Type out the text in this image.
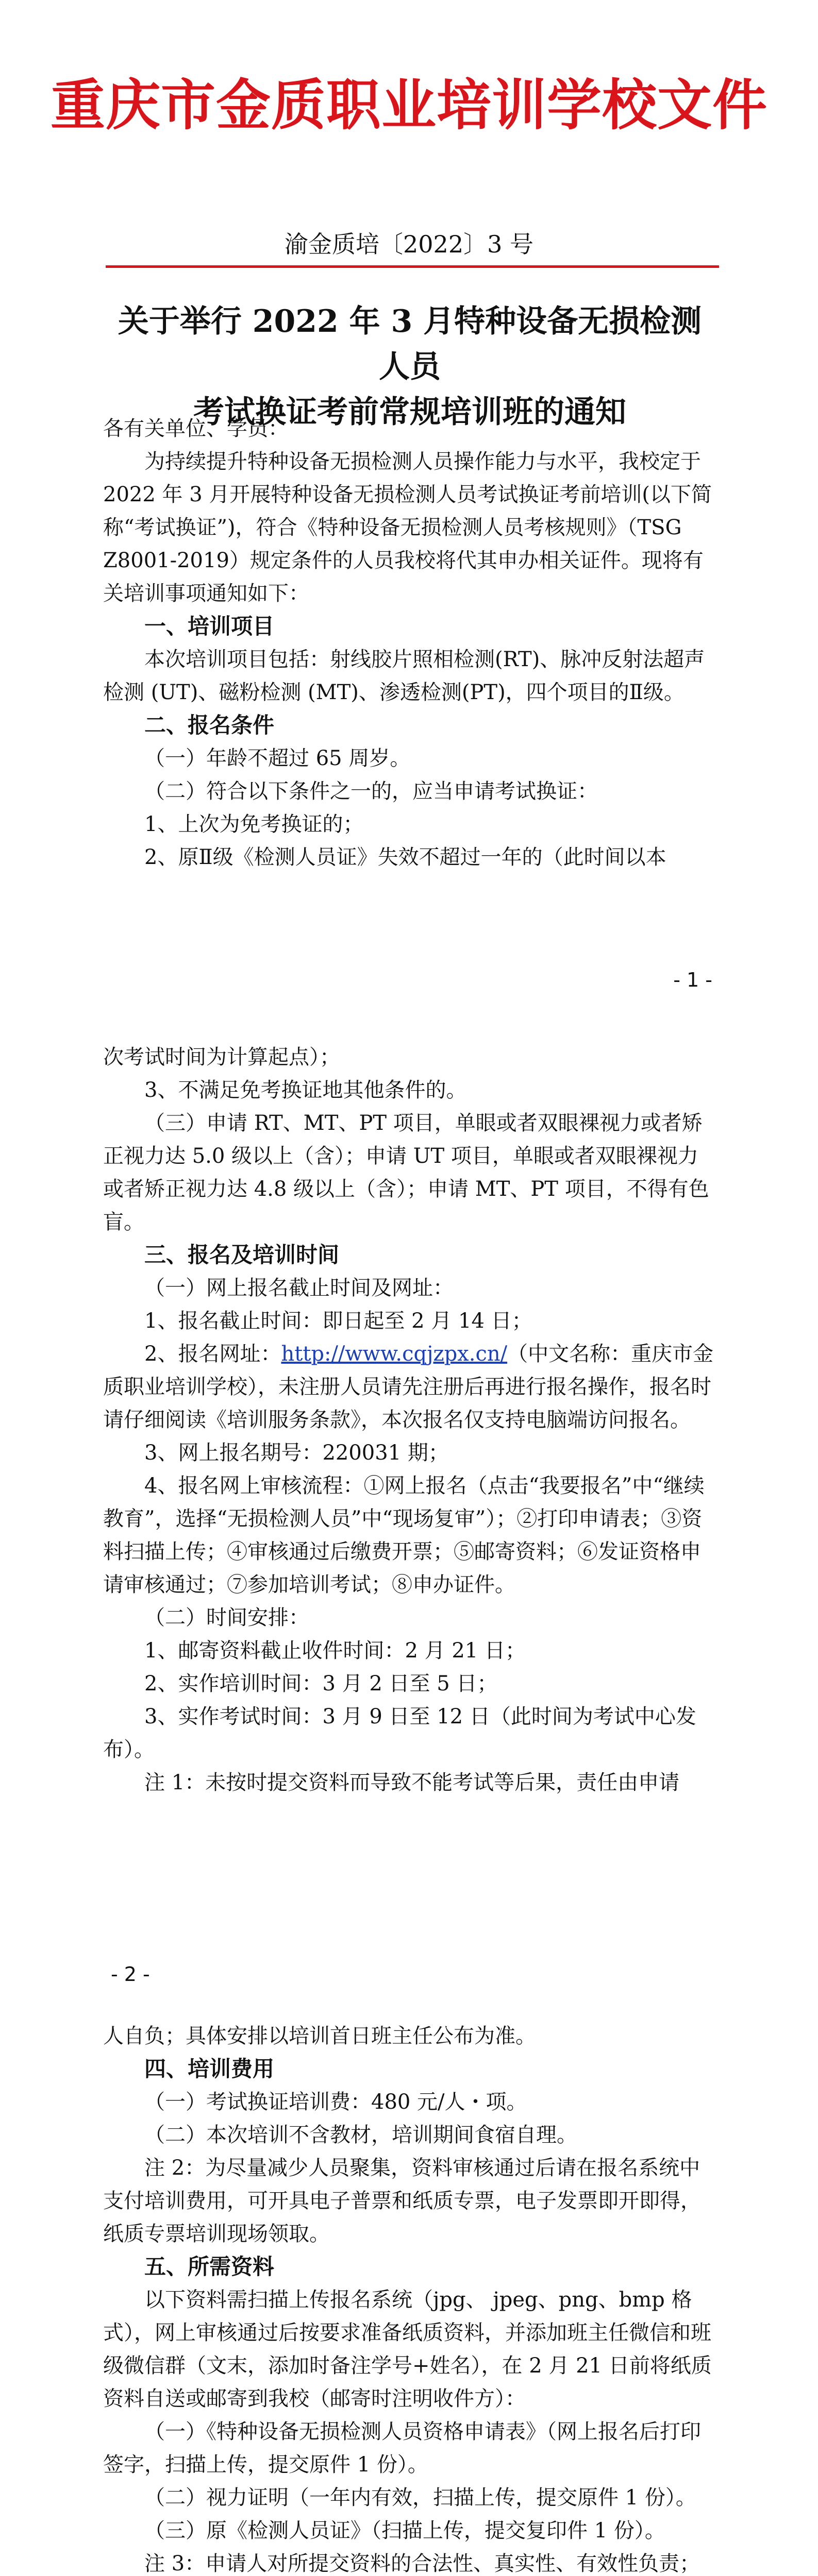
重庆市金质职业培训学校文件
渝金质培〔2022〕3 号
关于举行 2022 年 3 月特种设备无损检测人员
考试换证考前常规培训班的通知

各有关单位、学员：

为持续提升特种设备无损检测人员操作能力与水平，我校定于 2022 年 3 月开展特种设备无损检测人员考试换证考前培训(以下简称“考试换证”)，符合《特种设备无损检测人员考核规则》（TSG Z8001-2019）规定条件的人员我校将代其申办相关证件。现将有关培训事项通知如下：

一、培训项目

本次培训项目包括：射线胶片照相检测(RT)、脉冲反射法超声检测 (UT)、磁粉检测 (MT)、渗透检测(PT)，四个项目的Ⅱ级。

二、报名条件

（一）年龄不超过 65 周岁。

（二）符合以下条件之一的，应当申请考试换证：

1、上次为免考换证的；

2、原Ⅱ级《检测人员证》失效不超过一年的（此时间以本

- 1 -

次考试时间为计算起点）；

3、不满足免考换证地其他条件的。

（三）申请 RT、MT、PT 项目，单眼或者双眼裸视力或者矫正视力达 5.0 级以上（含）；申请 UT 项目，单眼或者双眼裸视力或者矫正视力达 4.8 级以上（含）；申请 MT、PT 项目，不得有色盲。

三、报名及培训时间

（一）网上报名截止时间及网址：

1、报名截止时间：即日起至 2 月 14 日；

2、报名网址：http://www.cqjzpx.cn/（中文名称：重庆市金质职业培训学校），未注册人员请先注册后再进行报名操作，报名时请仔细阅读《培训服务条款》，本次报名仅支持电脑端访问报名。

3、网上报名期号：220031 期；

4、报名网上审核流程：①网上报名（点击“我要报名”中“继续教育”，选择“无损检测人员”中“现场复审”）；②打印申请表；③资料扫描上传；④审核通过后缴费开票；⑤邮寄资料；⑥发证资格申请审核通过；⑦参加培训考试；⑧申办证件。

（二）时间安排：

1、邮寄资料截止收件时间：2 月 21 日；

2、实作培训时间：3 月 2 日至 5 日；

3、实作考试时间：3 月 9 日至 12 日（此时间为考试中心发布）。

注 1：未按时提交资料而导致不能考试等后果，责任由申请

- 2 -

人自负；具体安排以培训首日班主任公布为准。

四、培训费用

（一）考试换证培训费：480 元/人・项。

（二）本次培训不含教材，培训期间食宿自理。

注 2：为尽量减少人员聚集，资料审核通过后请在报名系统中支付培训费用，可开具电子普票和纸质专票，电子发票即开即得，纸质专票培训现场领取。

五、所需资料

以下资料需扫描上传报名系统（jpg、 jpeg、png、bmp 格式），网上审核通过后按要求准备纸质资料，并添加班主任微信和班级微信群（文末，添加时备注学号+姓名），在 2 月 21 日前将纸质资料自送或邮寄到我校（邮寄时注明收件方）：

（一）《特种设备无损检测人员资格申请表》（网上报名后打印签字，扫描上传，提交原件 1 份）。

（二）视力证明（一年内有效，扫描上传，提交原件 1 份）。

（三）原《检测人员证》（扫描上传，提交复印件 1 份）。

注 3：申请人对所提交资料的合法性、真实性、有效性负责；
